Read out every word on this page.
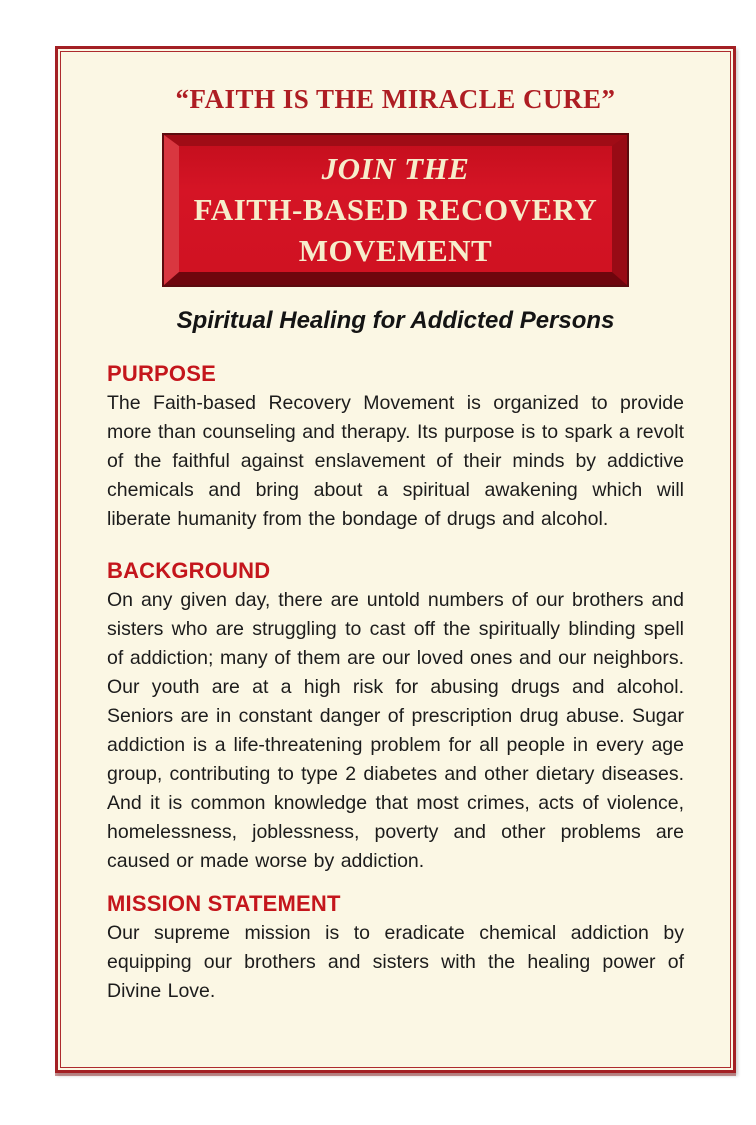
“FAITH IS THE MIRACLE CURE”
JOIN THE
FAITH-BASED RECOVERY
MOVEMENT
Spiritual Healing for Addicted Persons
PURPOSE

The Faith-based Recovery Movement is organized to provide more than counseling and therapy. Its purpose is to spark a revolt of the faithful against enslavement of their minds by addictive chemicals and bring about a spiritual awakening which will liberate humanity from the bondage of drugs and alcohol.

BACKGROUND

On any given day, there are untold numbers of our brothers and sisters who are struggling to cast off the spiritually blinding spell of addiction; many of them are our loved ones and our neighbors. Our youth are at a high risk for abusing drugs and alcohol. Seniors are in constant danger of prescription drug abuse. Sugar addiction is a life-threatening problem for all people in every age group, contributing to type 2 diabetes and other dietary diseases. And it is common knowledge that most crimes, acts of violence, homelessness, joblessness, poverty and other problems are caused or made worse by addiction.

MISSION STATEMENT

Our supreme mission is to eradicate chemical addiction by equipping our brothers and sisters with the healing power of Divine Love.
